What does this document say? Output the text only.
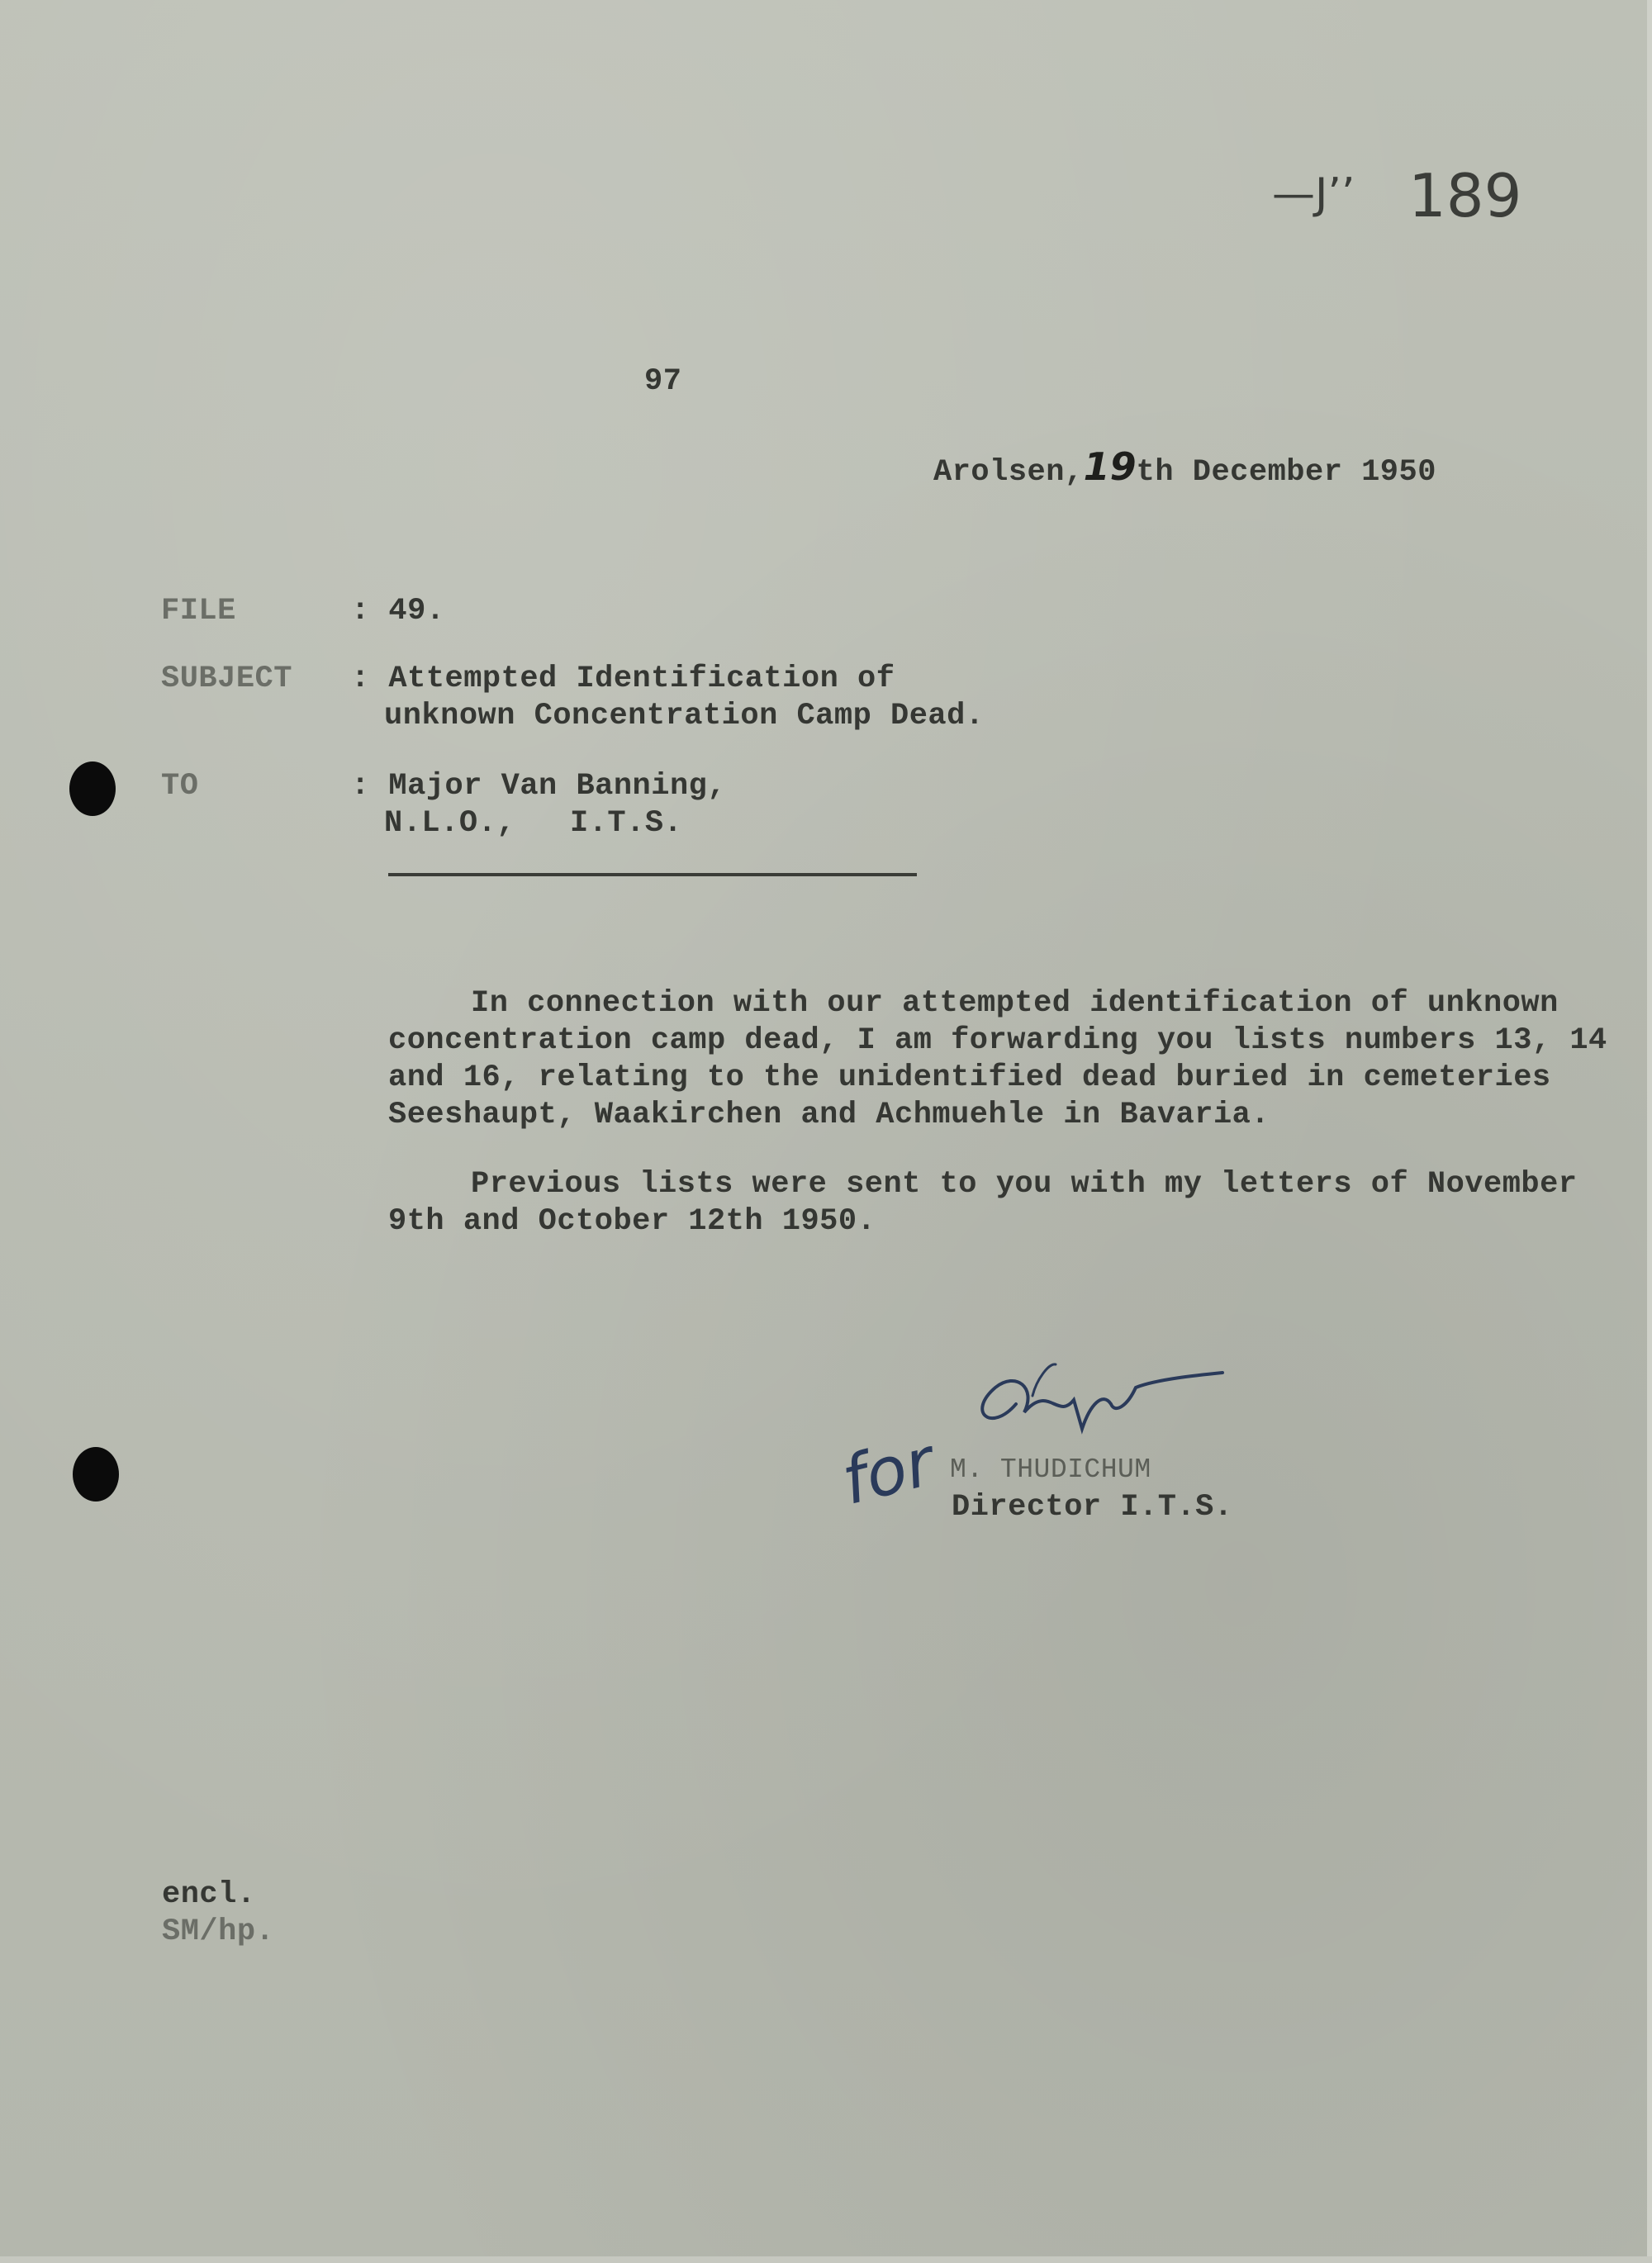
—J’’ 189
97
Arolsen,19th December 1950
FILE	: 49.
SUBJECT : Attempted Identification of
unknown Concentration Camp Dead.
TO	: Major Van Banning,
N.L.O., I.T.S.
In connection with our attempted identification of unknown
concentration camp dead, I am forwarding you lists numbers 13, 14
and 16, relating to the unidentified dead buried in cemeteries
Seeshaupt, Waakirchen and Achmuehle in Bavaria.
Previous lists were sent to you with my letters of November
9th and October 12th 1950.
for M. THUDICHUM
Director I.T.S.
encl.
SM/hp.
